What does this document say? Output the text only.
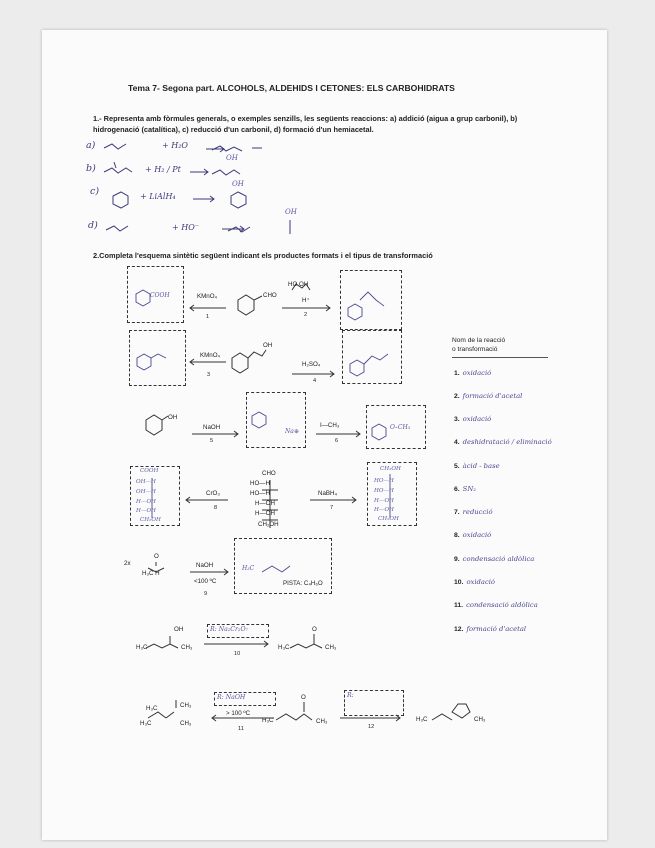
Tema 7- Segona part. ALCOHOLS, ALDEHIDS I CETONES: ELS CARBOHIDRATS
1.- Representa amb fòrmules generals, o exemples senzills, les següents reaccions: a) addició (aigua a grup carbonil), b) hidrogenació (catalítica), c) reducció d'un carbonil, d) formació d'un hemiacetal.
2.Completa l'esquema sintètic següent indicant els productes formats i el tipus de transformació
a)	+ H₂O
b)	+ H₂ / Pt
OH
c)	+ LiAlH₄
OH
d)	+ HO⁻
OH
COOH	KMnO₄
1
CHO
HO OH
H⁺
2
KMnO₄
3
OH
H₂SO₄
4
OH
NaOH
5
Na⊕
I—CH₃
6
O–CH₃
CHO
HO—H
HO—H
H—OH
H—OH
CH₂OH
COOH
OH—H
OH—H
H—OH
H—OH
CH₂OH
CH₂OH
HO—H
HO—H
H—OH
H—OH
CH₂OH
CrO₃
8
NaBH₄
7
2x
O
H₃C H
NaOH
<100 ºC
9
H₃C
PISTA: C₄H₆O
OH
H₃C	CH₃
R: Na₂Cr₂O₇
10
H₃C	CH₃
O
H₃C
H₃C
CH₃
CH₃
R: NaOH
> 100 ºC
11
H₃C	CH₃
O	R:
12
H₃C	CH₃
Nom de la reacció
o transformació
1. oxidació
2. formació d'acetal
3. oxidació
4. deshidratació / eliminació
5. àcid - base
6. SN₂
7. reducció
8. oxidació
9. condensació aldòlica
10. oxidació
11. condensació aldòlica
12. formació d'acetal
